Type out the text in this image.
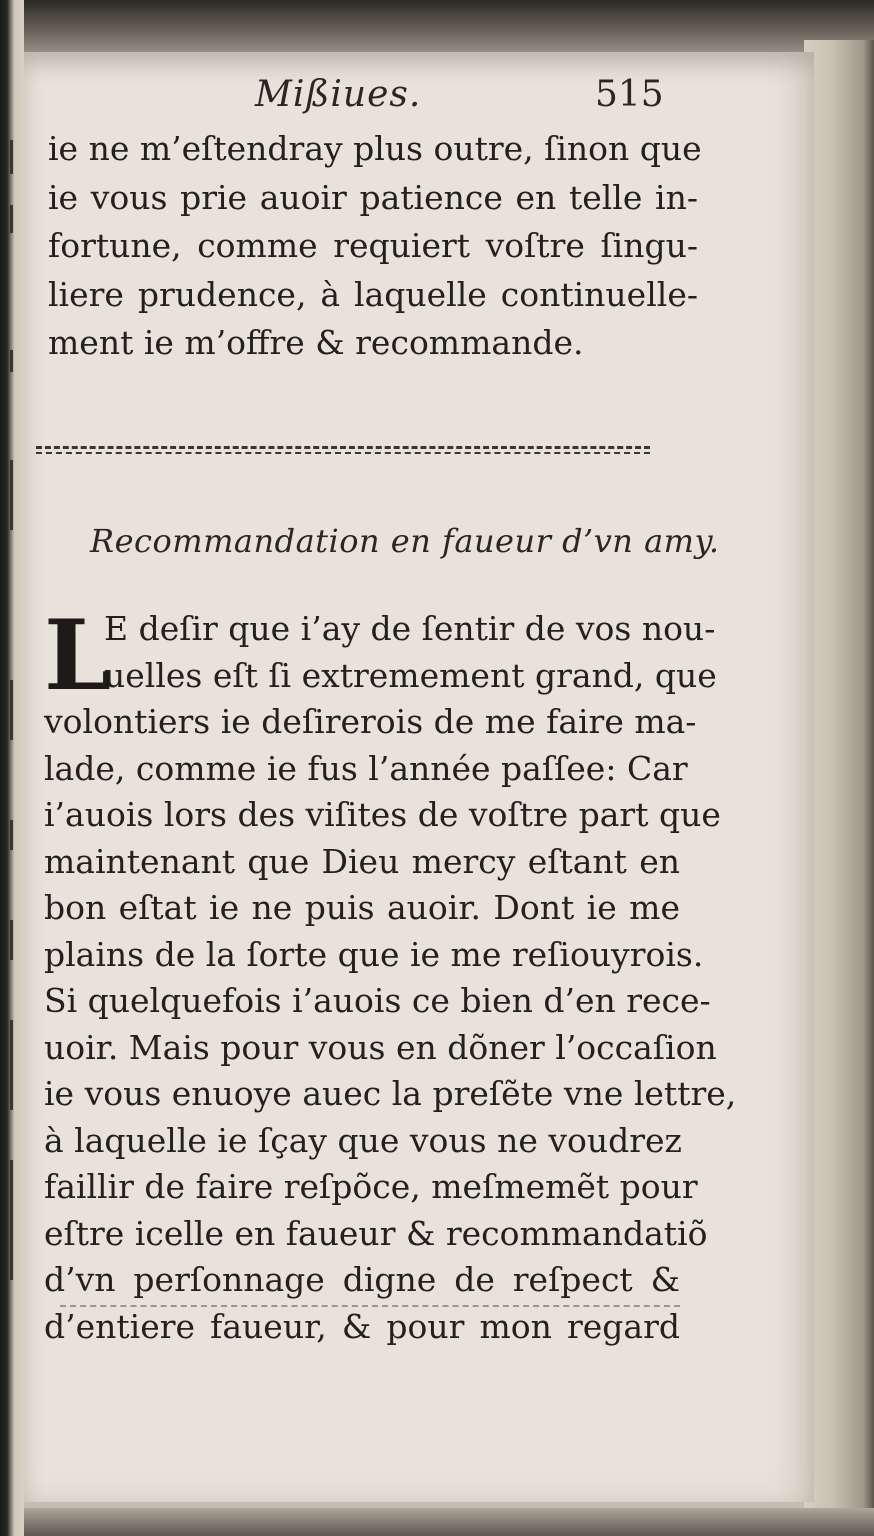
Mißiues.	515
ie ne m’eſtendray plus outre, ſinon que
ie vous prie auoir patience en telle in-
fortune, comme requiert voſtre ſingu-
liere prudence, à laquelle continuelle-
ment ie m’offre & recommande.
Recommandation en faueur d’vn amy.
L
E deſir que i’ay de ſentir de vos nou-
uelles eſt ſi extremement grand, que
volontiers ie deſirerois de me faire ma-
lade, comme ie fus l’année paſſee: Car
i’auois lors des viſites de voſtre part que
maintenant que Dieu mercy eſtant en
bon eſtat ie ne puis auoir. Dont ie me
plains de la ſorte que ie me reſiouyrois.
Si quelquefois i’auois ce bien d’en rece-
uoir. Mais pour vous en dõner l’occaſion
ie vous enuoye auec la preſẽte vne lettre,
à laquelle ie ſçay que vous ne voudrez
faillir de faire reſpõce, meſmemẽt pour
eſtre icelle en faueur & recommandatiõ
d’vn perſonnage digne de reſpect &
d’entiere faueur, & pour mon regard
